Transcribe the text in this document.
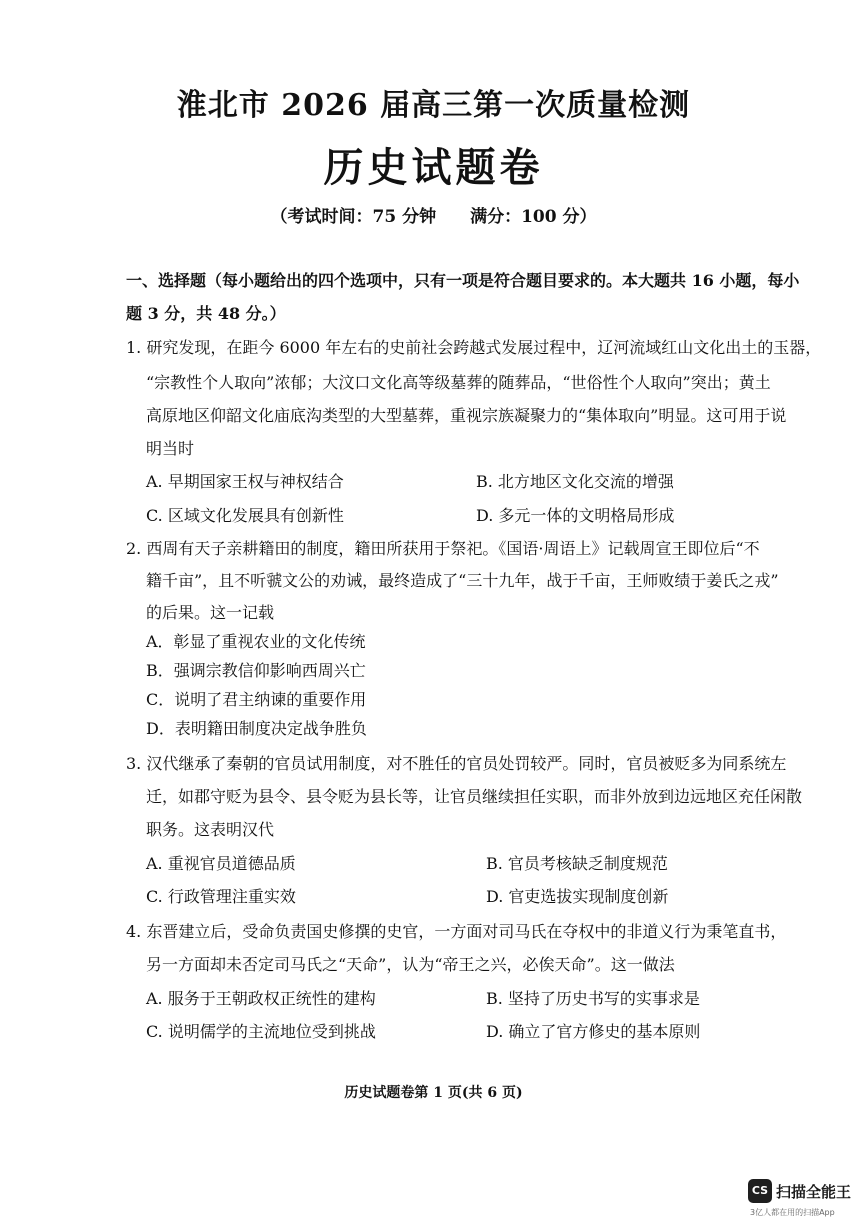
淮北市 2026 届高三第一次质量检测
历史试题卷
（考试时间：75 分钟　　满分：100 分）
一、选择题（每小题给出的四个选项中，只有一项是符合题目要求的。本大题共 16 小题，每小
题 3 分，共 48 分。）
1. 研究发现，在距今 6000 年左右的史前社会跨越式发展过程中，辽河流域红山文化出土的玉器，
“宗教性个人取向”浓郁；大汶口文化高等级墓葬的随葬品，“世俗性个人取向”突出；黄土
高原地区仰韶文化庙底沟类型的大型墓葬，重视宗族凝聚力的“集体取向”明显。这可用于说
明当时
A. 早期国家王权与神权结合	B. 北方地区文化交流的增强
C. 区域文化发展具有创新性	D. 多元一体的文明格局形成
2. 西周有天子亲耕籍田的制度，籍田所获用于祭祀。《国语·周语上》记载周宣王即位后“不
籍千亩”，且不听虢文公的劝诫，最终造成了“三十九年，战于千亩，王师败绩于姜氏之戎”
的后果。这一记载
A．彰显了重视农业的文化传统
B．强调宗教信仰影响西周兴亡
C．说明了君主纳谏的重要作用
D．表明籍田制度决定战争胜负
3. 汉代继承了秦朝的官员试用制度，对不胜任的官员处罚较严。同时，官员被贬多为同系统左
迁，如郡守贬为县令、县令贬为县长等，让官员继续担任实职，而非外放到边远地区充任闲散
职务。这表明汉代
A. 重视官员道德品质	B. 官员考核缺乏制度规范
C. 行政管理注重实效	D. 官吏选拔实现制度创新
4. 东晋建立后，受命负责国史修撰的史官，一方面对司马氏在夺权中的非道义行为秉笔直书，
另一方面却未否定司马氏之“天命”，认为“帝王之兴，必俟天命”。这一做法
A. 服务于王朝政权正统性的建构	B. 坚持了历史书写的实事求是
C. 说明儒学的主流地位受到挑战	D. 确立了官方修史的基本原则
历史试题卷第 1 页(共 6 页)
CS 扫描全能王
3亿人都在用的扫描App
